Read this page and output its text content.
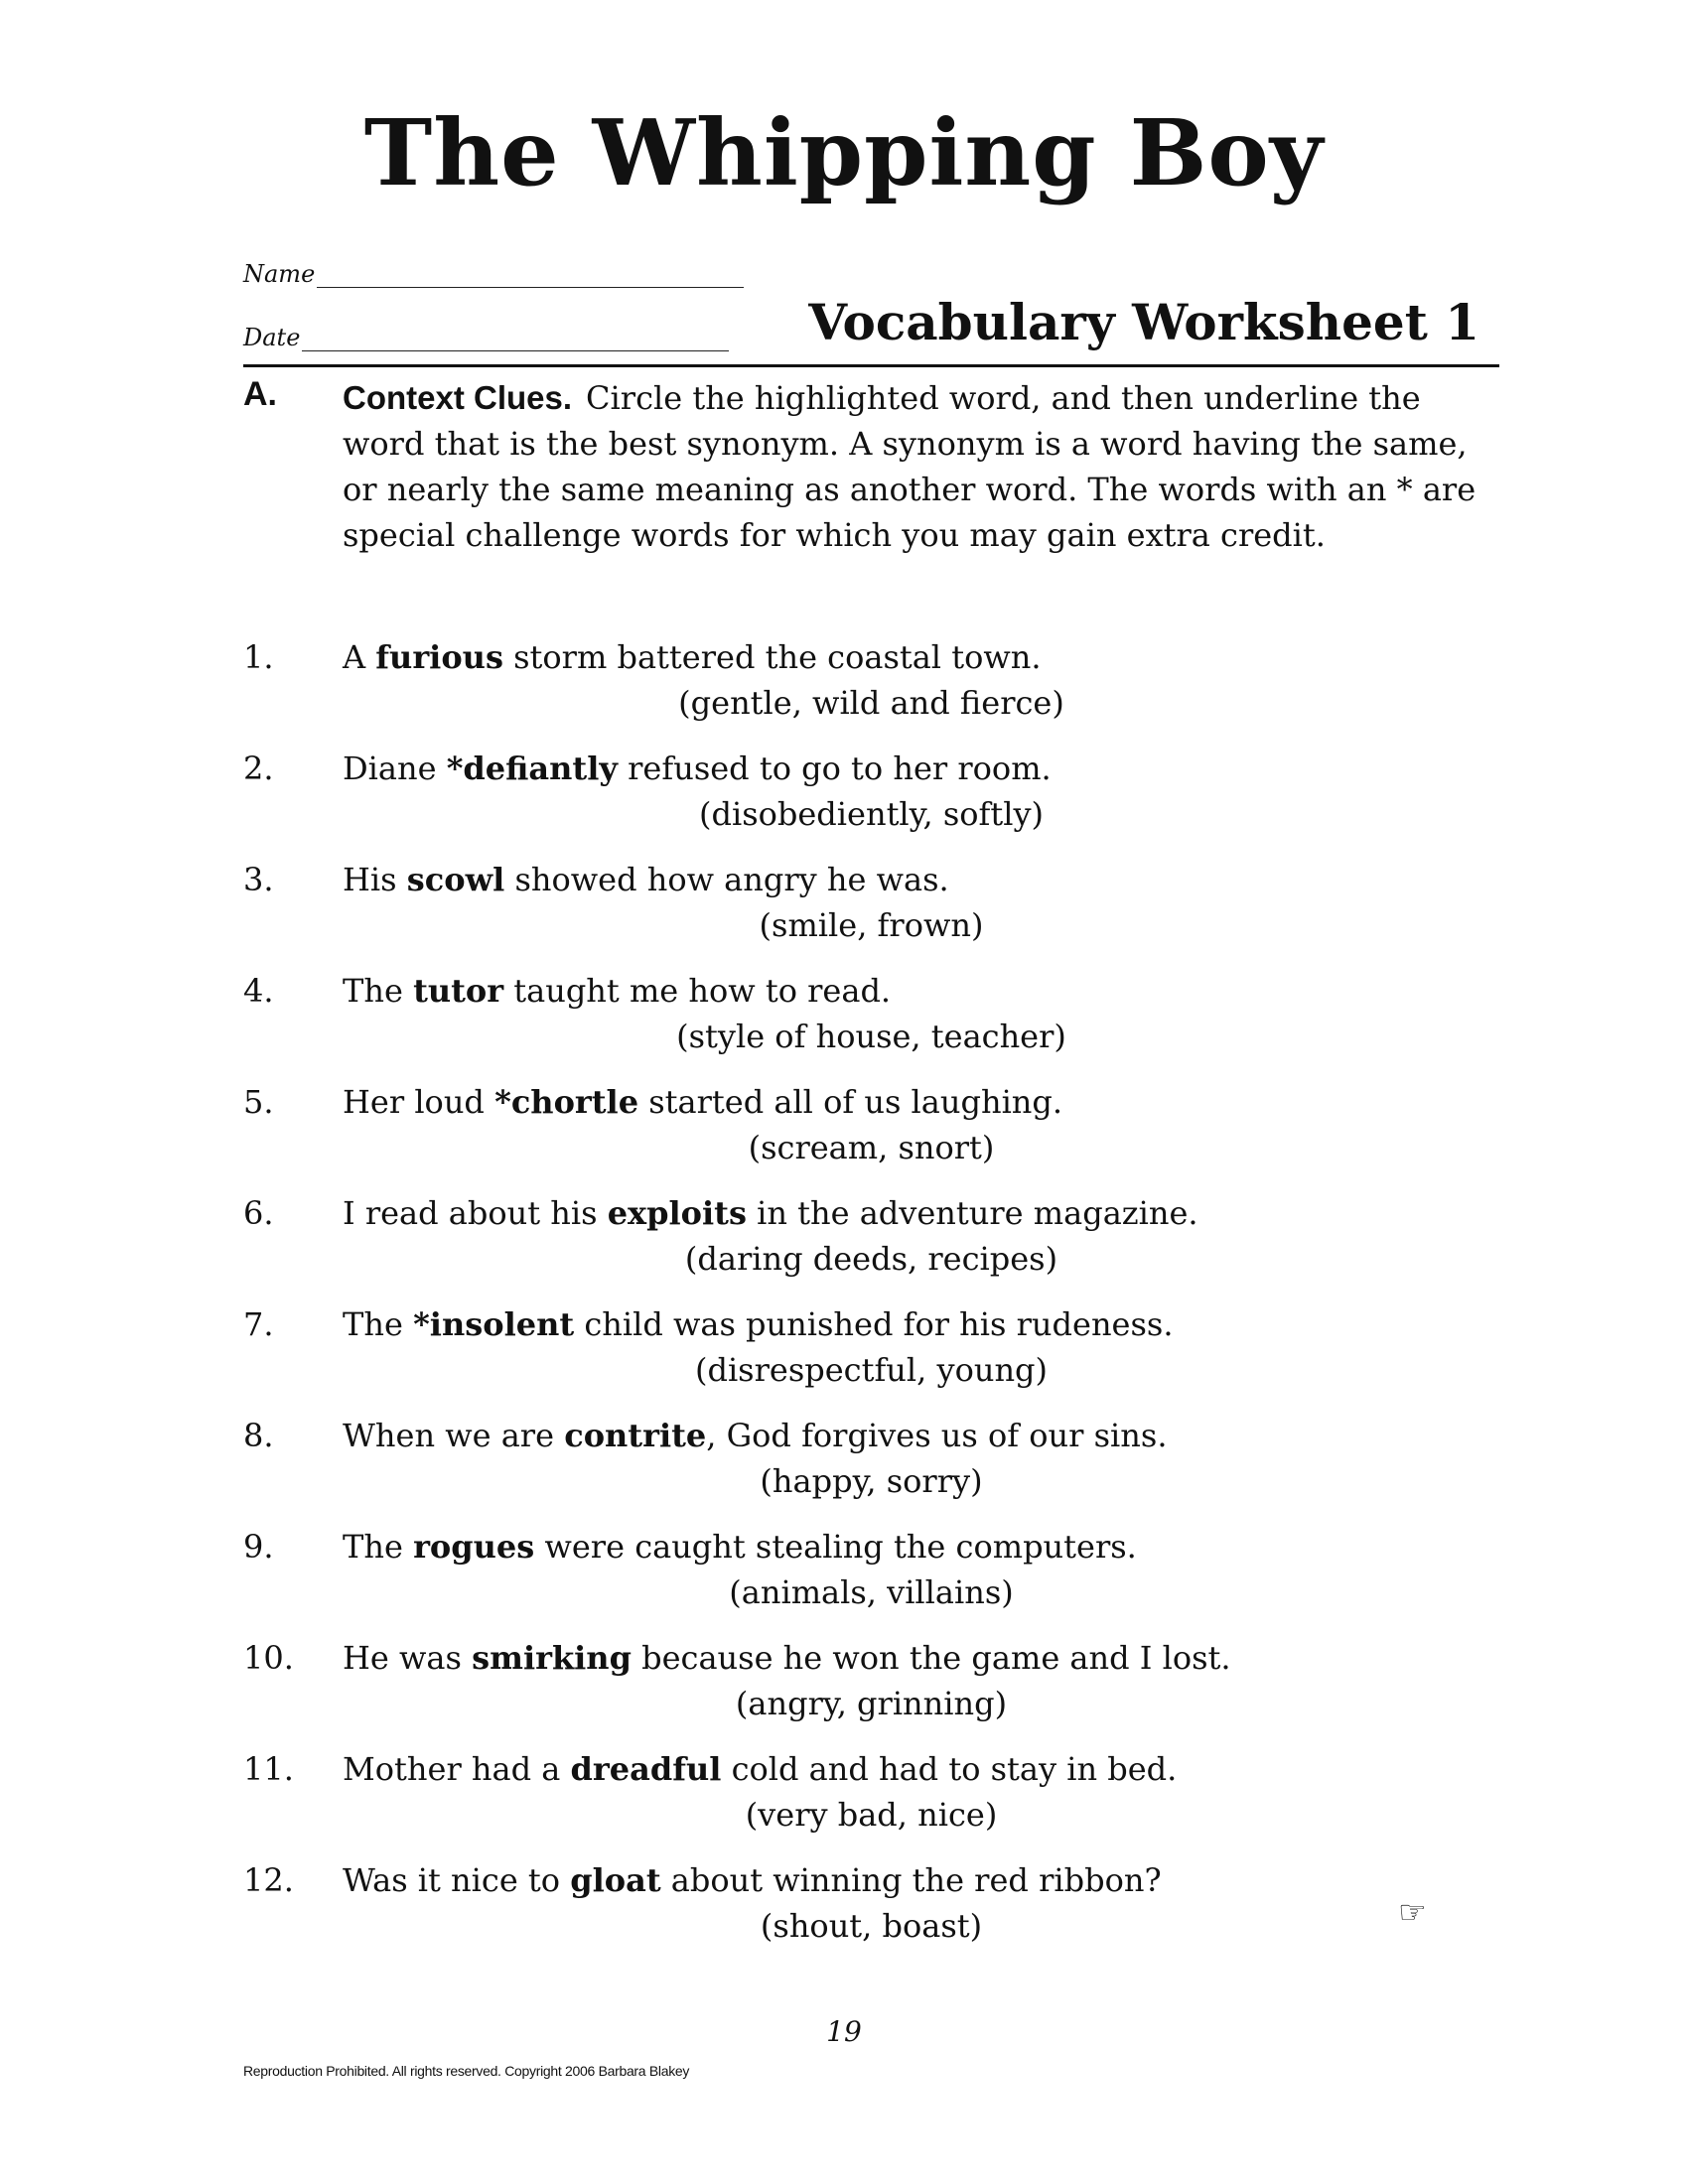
The Whipping Boy
Name
Date	Vocabulary Worksheet 1
A. Context Clues. Circle the highlighted word, and then underline the word that is the best synonym. A synonym is a word having the same, or nearly the same meaning as another word. The words with an * are special challenge words for which you may gain extra credit.
1. A furious storm battered the coastal town.
(gentle, wild and fierce)
2. Diane *defiantly refused to go to her room.
(disobediently, softly)
3. His scowl showed how angry he was.
(smile, frown)
4. The tutor taught me how to read.
(style of house, teacher)
5. Her loud *chortle started all of us laughing.
(scream, snort)
6. I read about his exploits in the adventure magazine.
(daring deeds, recipes)
7. The *insolent child was punished for his rudeness.
(disrespectful, young)
8. When we are contrite, God forgives us of our sins.
(happy, sorry)
9. The rogues were caught stealing the computers.
(animals, villains)
10. He was smirking because he won the game and I lost.
(angry, grinning)
11. Mother had a dreadful cold and had to stay in bed.
(very bad, nice)
12. Was it nice to gloat about winning the red ribbon?
(shout, boast)	☞
19
Reproduction Prohibited. All rights reserved. Copyright 2006 Barbara Blakey
